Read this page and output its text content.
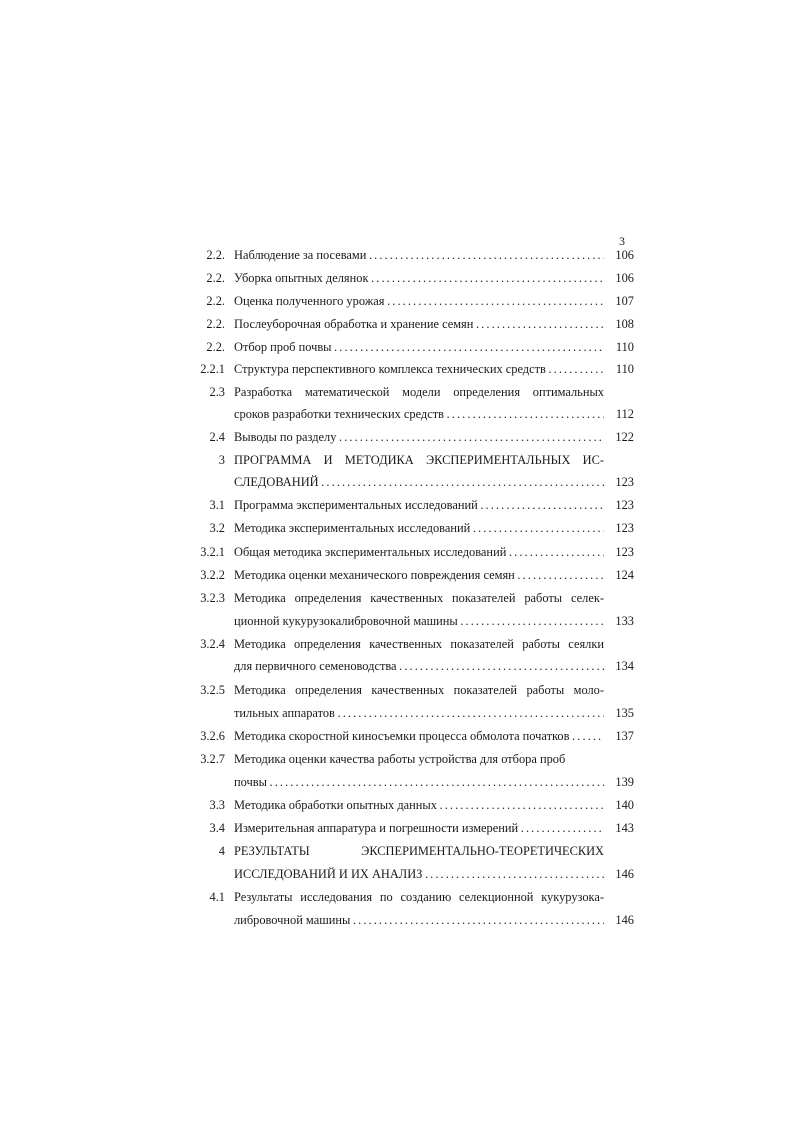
3
2.2. Наблюдение за посевами . . .	106
2.2. Уборка опытных делянок . . .	106
2.2. Оценка полученного урожая . . .	107
2.2. Послеуборочная обработка и хранение семян . . .	108
2.2. Отбор проб почвы . . .	110
2.2.1 Структура перспективного комплекса технических средств . . .	110
2.3 Разработка математической модели определения оптимальных
сроков разработки технических средств . . .	112
2.4 Выводы по разделу . . .	122
3 ПРОГРАММА И МЕТОДИКА ЭКСПЕРИМЕНТАЛЬНЫХ ИС-
СЛЕДОВАНИЙ . . .	123
3.1 Программа экспериментальных исследований . . .	123
3.2 Методика экспериментальных исследований . . .	123
3.2.1 Общая методика экспериментальных исследований . . .	123
3.2.2 Методика оценки механического повреждения семян . . .	124
3.2.3 Методика определения качественных показателей работы селек-
ционной кукурузокалибровочной машины . . .	133
3.2.4 Методика определения качественных показателей работы сеялки
для первичного семеноводства . . .	134
3.2.5 Методика определения качественных показателей работы моло-
тильных аппаратов . . .	135
3.2.6 Методика скоростной киносъемки процесса обмолота початков . . .	137
3.2.7 Методика оценки качества работы устройства для отбора проб
почвы . . .	139
3.3 Методика обработки опытных данных . . .	140
3.4 Измерительная аппаратура и погрешности измерений . . .	143
4 РЕЗУЛЬТАТЫ ЭКСПЕРИМЕНТАЛЬНО-ТЕОРЕТИЧЕСКИХ
ИССЛЕДОВАНИЙ И ИХ АНАЛИЗ . . .	146
4.1 Результаты исследования по созданию селекционной кукурузока-
либровочной машины . . .	146
